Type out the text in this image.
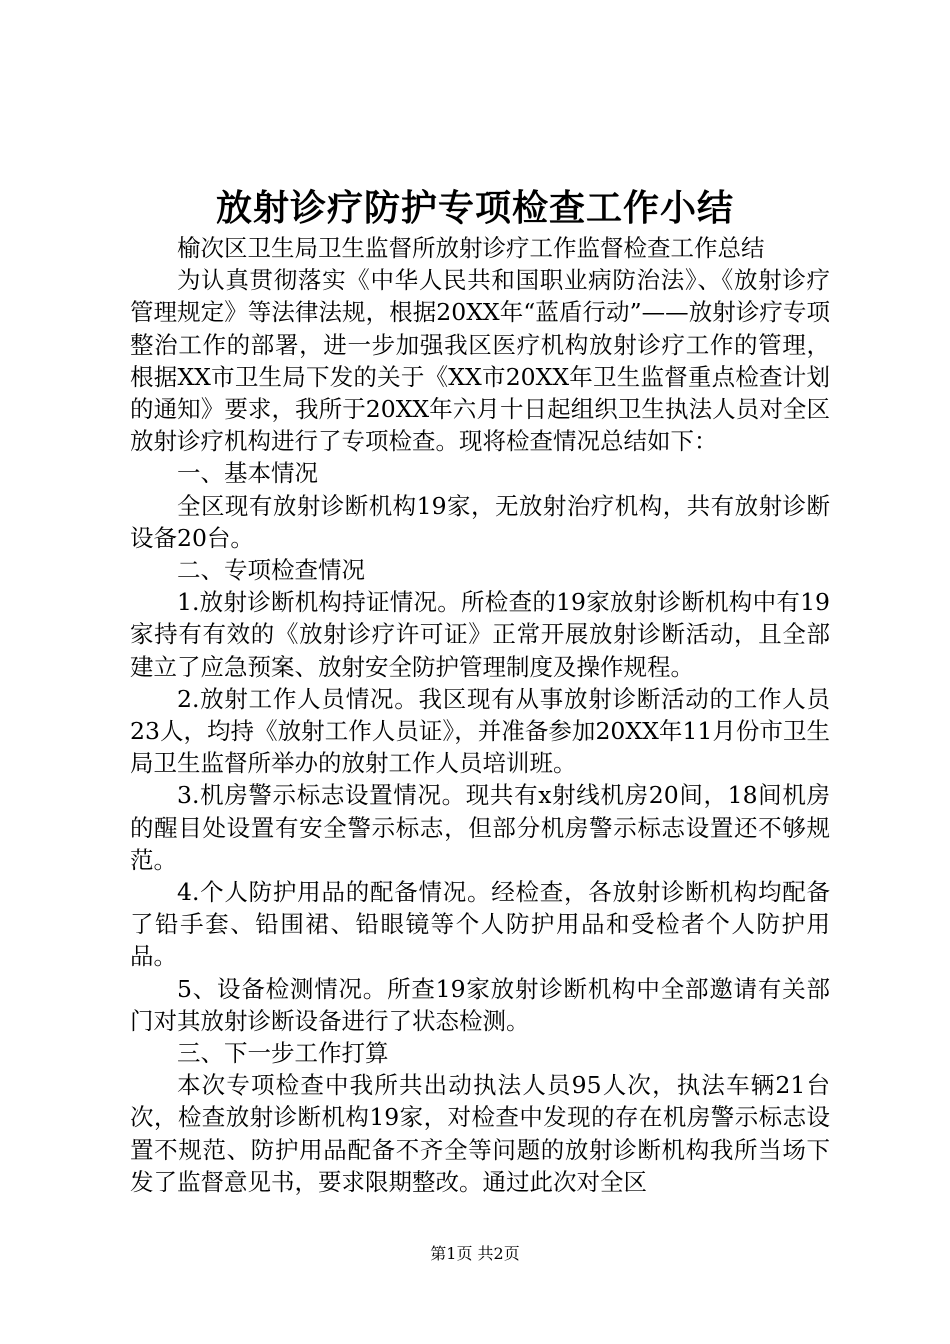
放射诊疗防护专项检查工作小结

榆次区卫生局卫生监督所放射诊疗工作监督检查工作总结

为认真贯彻落实《中华人民共和国职业病防治法》、《放射诊疗管理规定》等法律法规，根据20XX年“蓝盾行动”——放射诊疗专项整治工作的部署，进一步加强我区医疗机构放射诊疗工作的管理，根据XX市卫生局下发的关于《XX市20XX年卫生监督重点检查计划的通知》要求，我所于20XX年六月十日起组织卫生执法人员对全区放射诊疗机构进行了专项检查。现将检查情况总结如下：

一、基本情况

全区现有放射诊断机构19家，无放射治疗机构，共有放射诊断设备20台。

二、专项检查情况

1.放射诊断机构持证情况。所检查的19家放射诊断机构中有19家持有有效的《放射诊疗许可证》正常开展放射诊断活动，且全部建立了应急预案、放射安全防护管理制度及操作规程。

2.放射工作人员情况。我区现有从事放射诊断活动的工作人员23人，均持《放射工作人员证》，并准备参加20XX年11月份市卫生局卫生监督所举办的放射工作人员培训班。

3.机房警示标志设置情况。现共有x射线机房20间，18间机房的醒目处设置有安全警示标志，但部分机房警示标志设置还不够规范。

4.个人防护用品的配备情况。经检查，各放射诊断机构均配备了铅手套、铅围裙、铅眼镜等个人防护用品和受检者个人防护用品。

5、设备检测情况。所查19家放射诊断机构中全部邀请有关部门对其放射诊断设备进行了状态检测。

三、下一步工作打算

本次专项检查中我所共出动执法人员95人次，执法车辆21台次，检查放射诊断机构19家，对检查中发现的存在机房警示标志设置不规范、防护用品配备不齐全等问题的放射诊断机构我所当场下发了监督意见书，要求限期整改。通过此次对全区

第1页 共2页
